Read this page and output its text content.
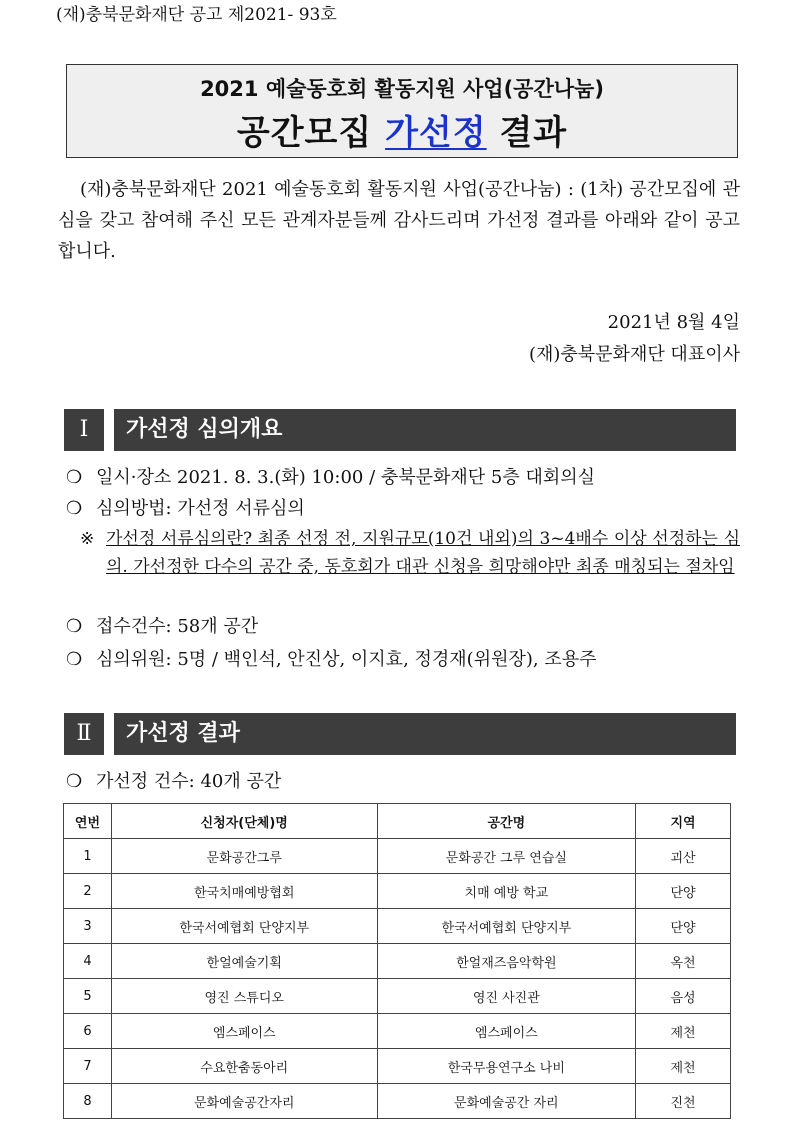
(재)충북문화재단 공고 제2021- 93호
2021 예술동호회 활동지원 사업(공간나눔)
공간모집 가선정 결과
(재)충북문화재단 2021 예술동호회 활동지원 사업(공간나눔) : (1차) 공간모집에 관심을 갖고 참여해 주신 모든 관계자분들께 감사드리며 가선정 결과를 아래와 같이 공고합니다.
2021년 8월 4일
(재)충북문화재단 대표이사
Ⅰ	가선정 심의개요
❍ 일시·장소 2021. 8. 3.(화) 10:00 / 충북문화재단 5층 대회의실
❍ 심의방법: 가선정 서류심의
※ 가선정 서류심의란? 최종 선정 전, 지원규모(10건 내외)의 3~4배수 이상 선정하는 심의. 가선정한 다수의 공간 중, 동호회가 대관 신청을 희망해야만 최종 매칭되는 절차임
❍ 접수건수: 58개 공간
❍ 심의위원: 5명 / 백인석, 안진상, 이지효, 정경재(위원장), 조용주
Ⅱ	가선정 결과
❍ 가선정 건수: 40개 공간
연번	신청자(단체)명	공간명	지역
1	문화공간그루	문화공간 그루 연습실	괴산
2	한국치매예방협회	치매 예방 학교	단양
3	한국서예협회 단양지부	한국서예협회 단양지부	단양
4	한얼예술기획	한얼재즈음악학원	옥천
5	영진 스튜디오	영진 사진관	음성
6	엠스페이스	엠스페이스	제천
7	수요한춤동아리	한국무용연구소 나비	제천
8	문화예술공간자리	문화예술공간 자리	진천
